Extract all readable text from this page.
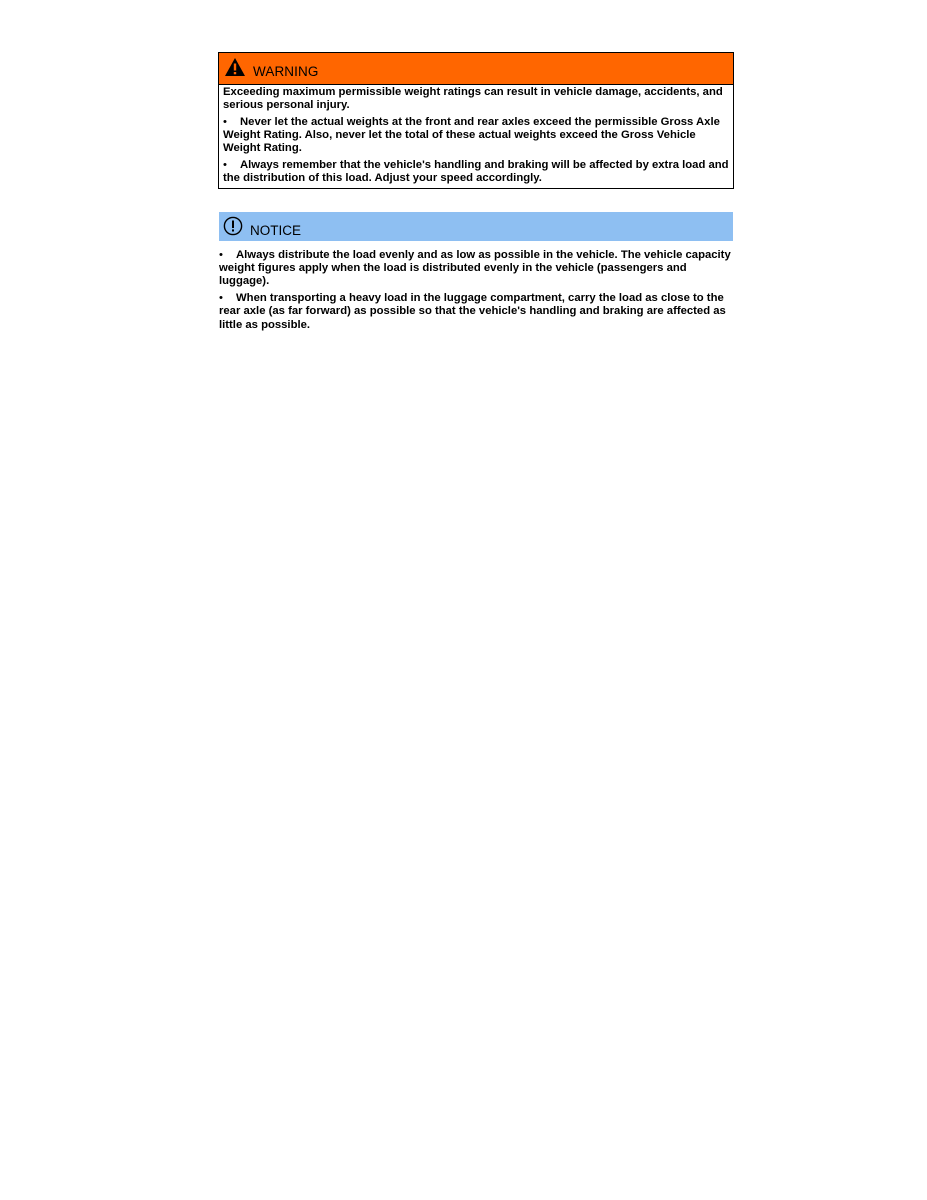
WARNING

Exceeding maximum permissible weight ratings can result in vehicle damage, accidents, and serious personal injury.

• Never let the actual weights at the front and rear axles exceed the permissible Gross Axle Weight Rating. Also, never let the total of these actual weights exceed the Gross Vehicle Weight Rating.

• Always remember that the vehicle's handling and braking will be affected by extra load and the distribution of this load. Adjust your speed accordingly.

NOTICE

• Always distribute the load evenly and as low as possible in the vehicle. The vehicle capacity weight figures apply when the load is distributed evenly in the vehicle (passengers and luggage).

• When transporting a heavy load in the luggage compartment, carry the load as close to the rear axle (as far forward) as possible so that the vehicle's handling and braking are affected as little as possible.
